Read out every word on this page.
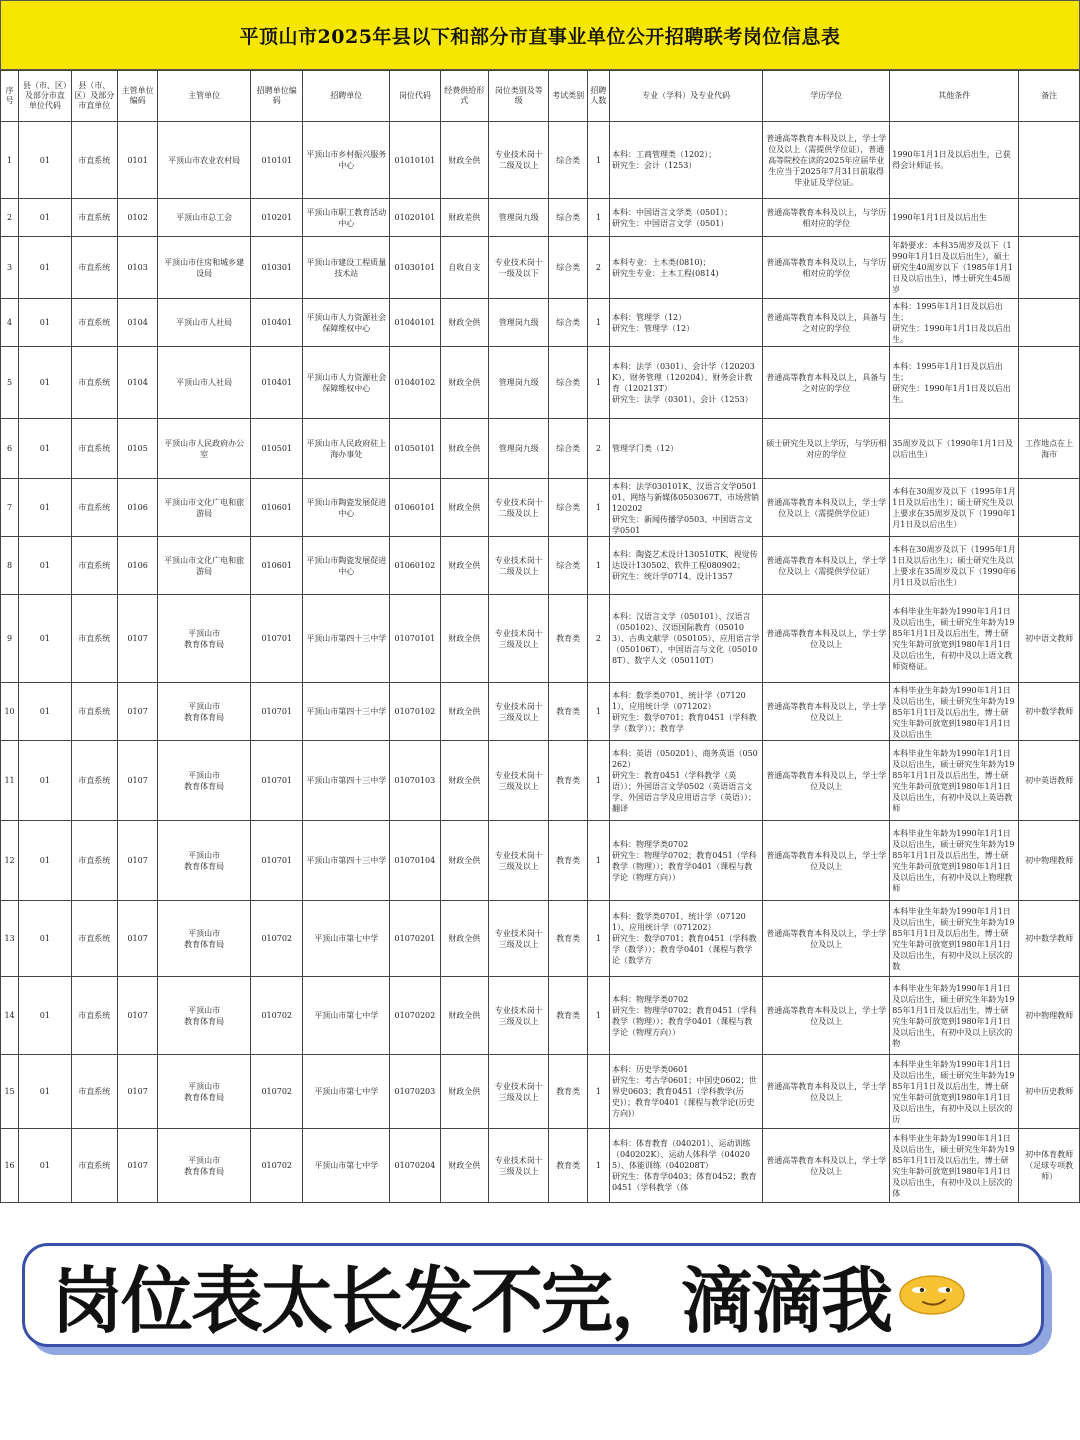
平顶山市2025年县以下和部分市直事业单位公开招聘联考岗位信息表
序号	县（市、区）及部分市直单位代码	县（市、区）及部分市直单位	主管单位编码	主管单位	招聘单位编码	招聘单位	岗位代码	经费供给形式	岗位类别及等级	考试类别	招聘人数	专业（学科）及专业代码	学历学位	其他条件	备注

1	01	市直系统	0101	平顶山市农业农村局	010101	平顶山市乡村振兴服务中心	01010101	财政全供	专业技术岗十二级及以上	综合类	1	本科：工商管理类（1202）；
研究生：会计（1253）	普通高等教育本科及以上，学士学位及以上（需提供学位证），普通高等院校在读的2025年应届毕业生应当于2025年7月31日前取得毕业证及学位证。	1990年1月1日及以后出生，已获得会计师证书。	

2	01	市直系统	0102	平顶山市总工会	010201	平顶山市职工教育活动中心	01020101	财政差供	管理岗九级	综合类	1	本科：中国语言文学类（0501）；
研究生：中国语言文学（0501）	普通高等教育本科及以上，与学历相对应的学位	1990年1月1日及以后出生	

3	01	市直系统	0103	平顶山市住房和城乡建设局	010301	平顶山市建设工程质量技术站	01030101	自收自支	专业技术岗十一级及以下	综合类	2	本科专业：土木类(0810)；
研究生专业：土木工程(0814)	普通高等教育本科及以上，与学历相对应的学位	年龄要求：本科35周岁及以下（1990年1月1日及以后出生），硕士研究生40周岁以下（1985年1月1日及以后出生），博士研究生45周岁	

4	01	市直系统	0104	平顶山市人社局	010401	平顶山市人力资源社会保障维权中心	01040101	财政全供	管理岗九级	综合类	1	本科：管理学（12）
研究生：管理学（12）	普通高等教育本科及以上，具备与之对应的学位	本科：1995年1月1日及以后出生；
研究生：1990年1月1日及以后出生。	

5	01	市直系统	0104	平顶山市人社局	010401	平顶山市人力资源社会保障维权中心	01040102	财政全供	管理岗九级	综合类	1	本科：法学（0301）、会计学（120203K）、财务管理（120204）、财务会计教育（120213T）
研究生：法学（0301）、会计（1253）	普通高等教育本科及以上，具备与之对应的学位	本科：1995年1月1日及以后出生；
研究生：1990年1月1日及以后出生。	

6	01	市直系统	0105	平顶山市人民政府办公室	010501	平顶山市人民政府驻上海办事处	01050101	财政全供	管理岗九级	综合类	2	管理学门类（12）	硕士研究生及以上学历，与学历相对应的学位	35周岁及以下（1990年1月1日及以后出生）	工作地点在上海市

7	01	市直系统	0106	平顶山市文化广电和旅游局	010601	平顶山市陶瓷发展促进中心	01060101	财政全供	专业技术岗十二级及以上	综合类	1	本科：法学030101K、汉语言文学050101、网络与新媒体0503067T、市场营销120202
研究生：新闻传播学0503、中国语言文学0501	普通高等教育本科及以上，学士学位及以上（需提供学位证）	本科在30周岁及以下（1995年1月1日及以后出生）；硕士研究生及以上要求在35周岁及以下（1990年1月1日及以后出生）	

8	01	市直系统	0106	平顶山市文化广电和旅游局	010601	平顶山市陶瓷发展促进中心	01060102	财政全供	专业技术岗十二级及以上	综合类	1	本科：陶瓷艺术设计130510TK、视觉传达设计130502、软件工程080902；
研究生：统计学0714、设计1357	普通高等教育本科及以上，学士学位及以上（需提供学位证）	本科在30周岁及以下（1995年1月1日及以后出生）；硕士研究生及以上要求在35周岁及以下（1990年6月1日及以后出生）	

9	01	市直系统	0107	平顶山市
教育体育局	010701	平顶山市第四十三中学	01070101	财政全供	专业技术岗十三级及以上	教育类	2	本科：汉语言文学（050101）、汉语言（050102）、汉语国际教育（050103）、古典文献学（050105）、应用语言学（050106T）、中国语言与文化（050108T）、数字人文（050110T）	普通高等教育本科及以上，学士学位及以上	本科毕业生年龄为1990年1月1日及以后出生，硕士研究生年龄为1985年1月1日及以后出生，博士研究生年龄可放宽到1980年1月1日及以后出生，有初中及以上语文教师资格证。	初中语文教师

10	01	市直系统	0107	平顶山市
教育体育局	010701	平顶山市第四十三中学	01070102	财政全供	专业技术岗十三级及以上	教育类	1	本科：数学类0701、统计学（071201）、应用统计学（071202）
研究生：数学0701；教育0451（学科教学（数学））；教育学	普通高等教育本科及以上，学士学位及以上	本科毕业生年龄为1990年1月1日及以后出生，硕士研究生年龄为1985年1月1日及以后出生，博士研究生年龄可放宽到1980年1月1日及以后出生	初中数学教师

11	01	市直系统	0107	平顶山市
教育体育局	010701	平顶山市第四十三中学	01070103	财政全供	专业技术岗十三级及以上	教育类	1	本科：英语（050201）、商务英语（050262）
研究生：教育0451（学科教学（英语））；外国语言文学0502（英语语言文学、外国语言学及应用语言学（英语））；翻译	普通高等教育本科及以上，学士学位及以上	本科毕业生年龄为1990年1月1日及以后出生，硕士研究生年龄为1985年1月1日及以后出生，博士研究生年龄可放宽到1980年1月1日及以后出生，有初中及以上英语教师	初中英语教师

12	01	市直系统	0107	平顶山市
教育体育局	010701	平顶山市第四十三中学	01070104	财政全供	专业技术岗十三级及以上	教育类	1	本科：物理学类0702
研究生：物理学0702；教育0451（学科教学（物理））；教育学0401（课程与教学论（物理方向））	普通高等教育本科及以上，学士学位及以上	本科毕业生年龄为1990年1月1日及以后出生，硕士研究生年龄为1985年1月1日及以后出生，博士研究生年龄可放宽到1980年1月1日及以后出生，有初中及以上物理教师	初中物理教师

13	01	市直系统	0107	平顶山市
教育体育局	010702	平顶山市第七中学	01070201	财政全供	专业技术岗十三级及以上	教育类	1	本科：数学类0701、统计学（071201）、应用统计学（071202）
研究生：数学0701；教育0451（学科教学（数学））；教育学0401（课程与教学论（数学方	普通高等教育本科及以上，学士学位及以上	本科毕业生年龄为1990年1月1日及以后出生，硕士研究生年龄为1985年1月1日及以后出生，博士研究生年龄可放宽到1980年1月1日及以后出生，有初中及以上层次的数	初中数学教师

14	01	市直系统	0107	平顶山市
教育体育局	010702	平顶山市第七中学	01070202	财政全供	专业技术岗十三级及以上	教育类	1	本科：物理学类0702
研究生：物理学0702；教育0451（学科教学（物理））；教育学0401（课程与教学论（物理方向））	普通高等教育本科及以上，学士学位及以上	本科毕业生年龄为1990年1月1日及以后出生，硕士研究生年龄为1985年1月1日及以后出生，博士研究生年龄可放宽到1980年1月1日及以后出生，有初中及以上层次的物	初中物理教师

15	01	市直系统	0107	平顶山市
教育体育局	010702	平顶山市第七中学	01070203	财政全供	专业技术岗十三级及以上	教育类	1	本科：历史学类0601
研究生：考古学0601；中国史0602；世界史0603；教育0451（学科教学(历史)）；教育学0401（课程与教学论(历史方向)）	普通高等教育本科及以上，学士学位及以上	本科毕业生年龄为1990年1月1日及以后出生，硕士研究生年龄为1985年1月1日及以后出生，博士研究生年龄可放宽到1980年1月1日及以后出生，有初中及以上层次的历	初中历史教师

16	01	市直系统	0107	平顶山市
教育体育局	010702	平顶山市第七中学	01070204	财政全供	专业技术岗十三级及以上	教育类	1	本科：体育教育（040201）、运动训练（040202K）、运动人体科学（040205）、体能训练（040208T）
研究生：体育学0403；体育0452；教育0451（学科教学（体	普通高等教育本科及以上，学士学位及以上	本科毕业生年龄为1990年1月1日及以后出生，硕士研究生年龄为1985年1月1日及以后出生，博士研究生年龄可放宽到1980年1月1日及以后出生，有初中及以上层次的体	初中体育教师（足球专项教师）
岗位表太长发不完，滴滴我
